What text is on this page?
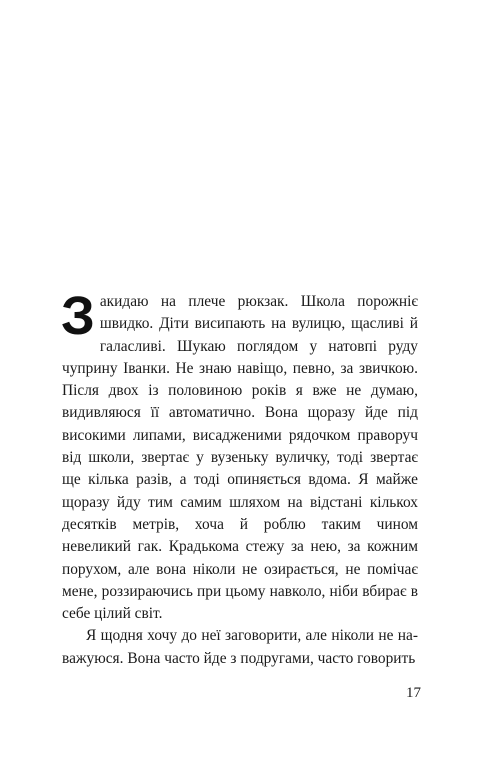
Закидаю на плече рюкзак. Школа порожніє швидко. Діти висипають на вулицю, щасливі й галасливі. Шукаю поглядом у натовпі руду чуприну Іванки. Не знаю навіщо, певно, за звичкою. Після двох із половиною років я вже не думаю, видивляюся її автоматично. Вона щоразу йде під високими липами, висадженими рядочком праворуч від школи, звертає у вузеньку вуличку, тоді звертає ще кілька разів, а тоді опиняється вдома. Я майже щоразу йду тим самим шляхом на відстані кількох десятків метрів, хоча й роблю таким чином невеликий гак. Крадькома стежу за нею, за кожним порухом, але вона ніколи не озирається, не помічає мене, роззираючись при цьому навколо, ніби вбирає в себе цілий світ.

Я щодня хочу до неї заговорити, але ніколи не наважуюся. Вона часто йде з подругами, часто говорить

17
